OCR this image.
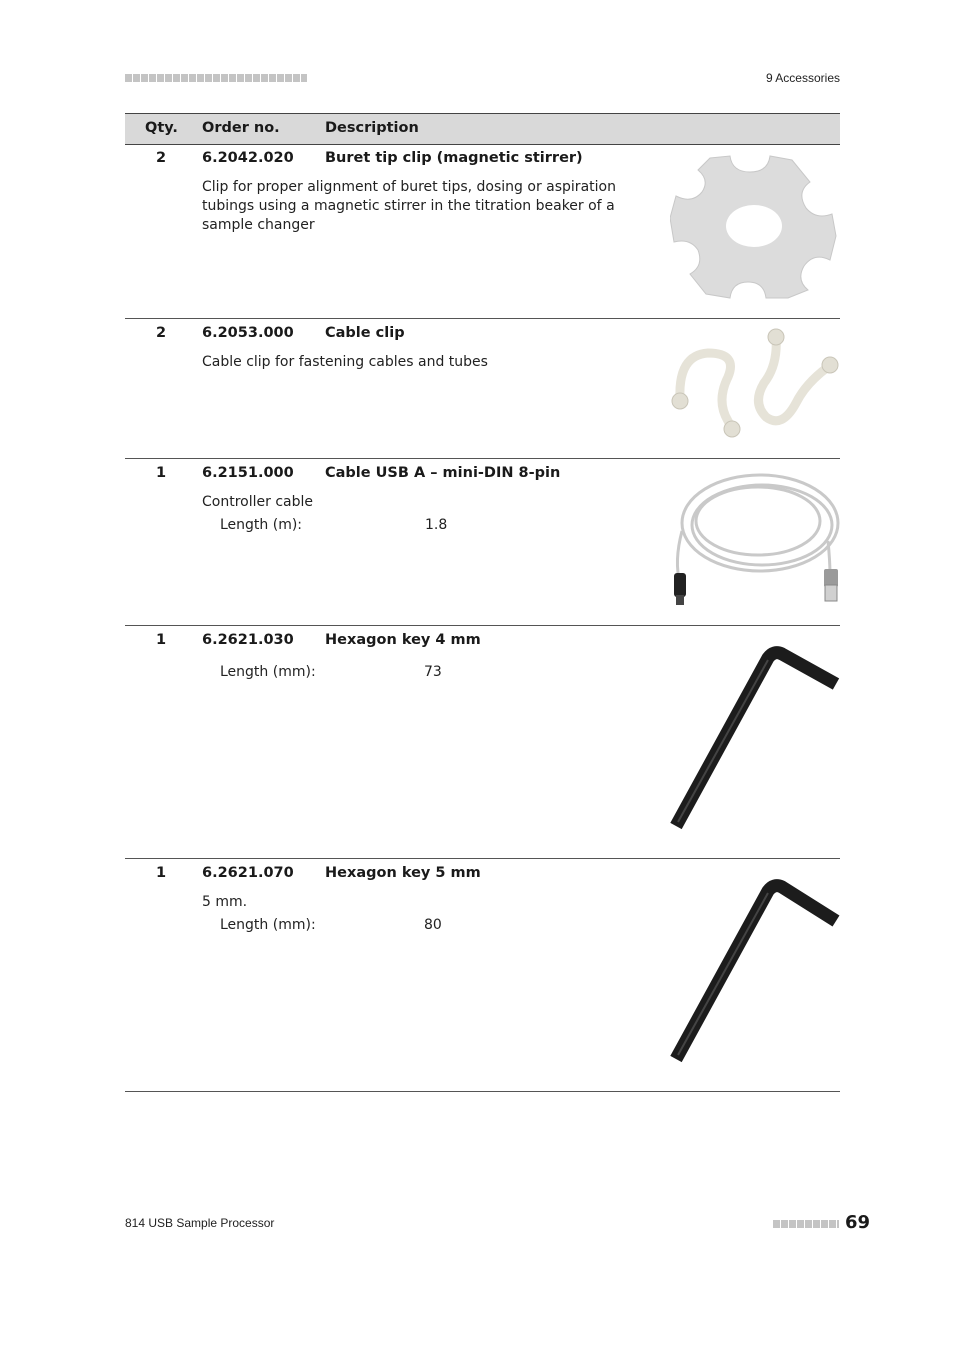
9 Accessories
Qty. Order no.	Description
2	6.2042.020 Buret tip clip (magnetic stirrer)
Clip for proper alignment of buret tips, dosing or aspiration tubings using a magnetic stirrer in the titration beaker of a sample changer
2	6.2053.000 Cable clip
Cable clip for fastening cables and tubes
1	6.2151.000 Cable USB A – mini-DIN 8-pin
Controller cable
Length (m):	1.8
1	6.2621.030 Hexagon key 4 mm
Length (mm):	73
1	6.2621.070 Hexagon key 5 mm
5 mm.
Length (mm):	80
814 USB Sample Processor	69
